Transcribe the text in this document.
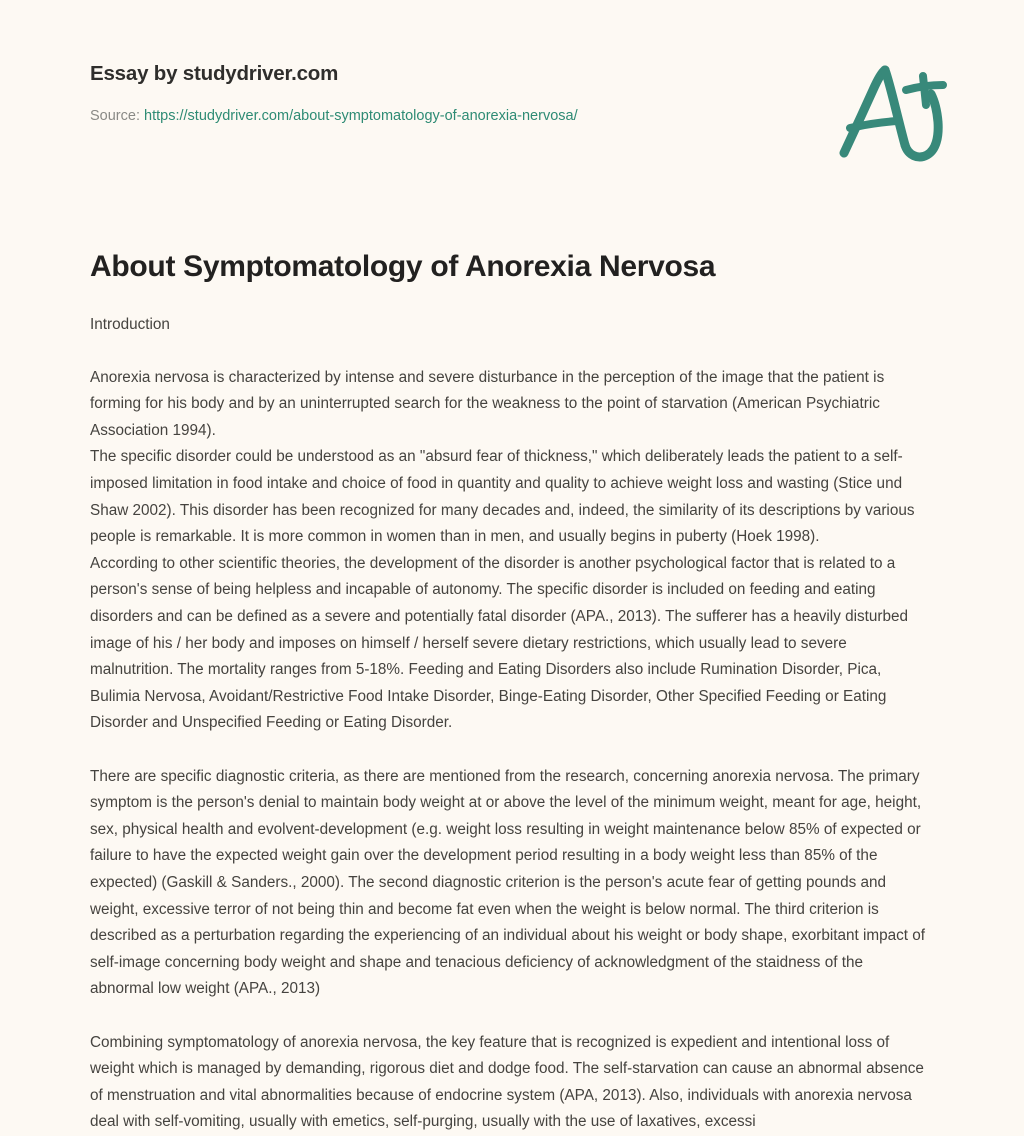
Essay by studydriver.com
Source: https://studydriver.com/about-symptomatology-of-anorexia-nervosa/
About Symptomatology of Anorexia Nervosa

Introduction

Anorexia nervosa is characterized by intense and severe disturbance in the perception of the image that the patient is forming for his body and by an uninterrupted search for the weakness to the point of starvation (American Psychiatric Association 1994).

The specific disorder could be understood as an "absurd fear of thickness," which deliberately leads the patient to a self-imposed limitation in food intake and choice of food in quantity and quality to achieve weight loss and wasting (Stice und Shaw 2002). This disorder has been recognized for many decades and, indeed, the similarity of its descriptions by various people is remarkable. It is more common in women than in men, and usually begins in puberty (Hoek 1998).

According to other scientific theories, the development of the disorder is another psychological factor that is related to a person's sense of being helpless and incapable of autonomy. The specific disorder is included on feeding and eating disorders and can be defined as a severe and potentially fatal disorder (APA., 2013). The sufferer has a heavily disturbed image of his / her body and imposes on himself / herself severe dietary restrictions, which usually lead to severe malnutrition. The mortality ranges from 5-18%. Feeding and Eating Disorders also include Rumination Disorder, Pica, Bulimia Nervosa, Avoidant/Restrictive Food Intake Disorder, Binge-Eating Disorder, Other Specified Feeding or Eating Disorder and Unspecified Feeding or Eating Disorder.

There are specific diagnostic criteria, as there are mentioned from the research, concerning anorexia nervosa. The primary symptom is the person's denial to maintain body weight at or above the level of the minimum weight, meant for age, height, sex, physical health and evolvent-development (e.g. weight loss resulting in weight maintenance below 85% of expected or failure to have the expected weight gain over the development period resulting in a body weight less than 85% of the expected) (Gaskill & Sanders., 2000). The second diagnostic criterion is the person's acute fear of getting pounds and weight, excessive terror of not being thin and become fat even when the weight is below normal. The third criterion is described as a perturbation regarding the experiencing of an individual about his weight or body shape, exorbitant impact of self-image concerning body weight and shape and tenacious deficiency of acknowledgment of the staidness of the abnormal low weight (APA., 2013)

Combining symptomatology of anorexia nervosa, the key feature that is recognized is expedient and intentional loss of weight which is managed by demanding, rigorous diet and dodge food. The self-starvation can cause an abnormal absence of menstruation and vital abnormalities because of endocrine system (APA, 2013). Also, individuals with anorexia nervosa deal with self-vomiting, usually with emetics, self-purging, usually with the use of laxatives, excessi
